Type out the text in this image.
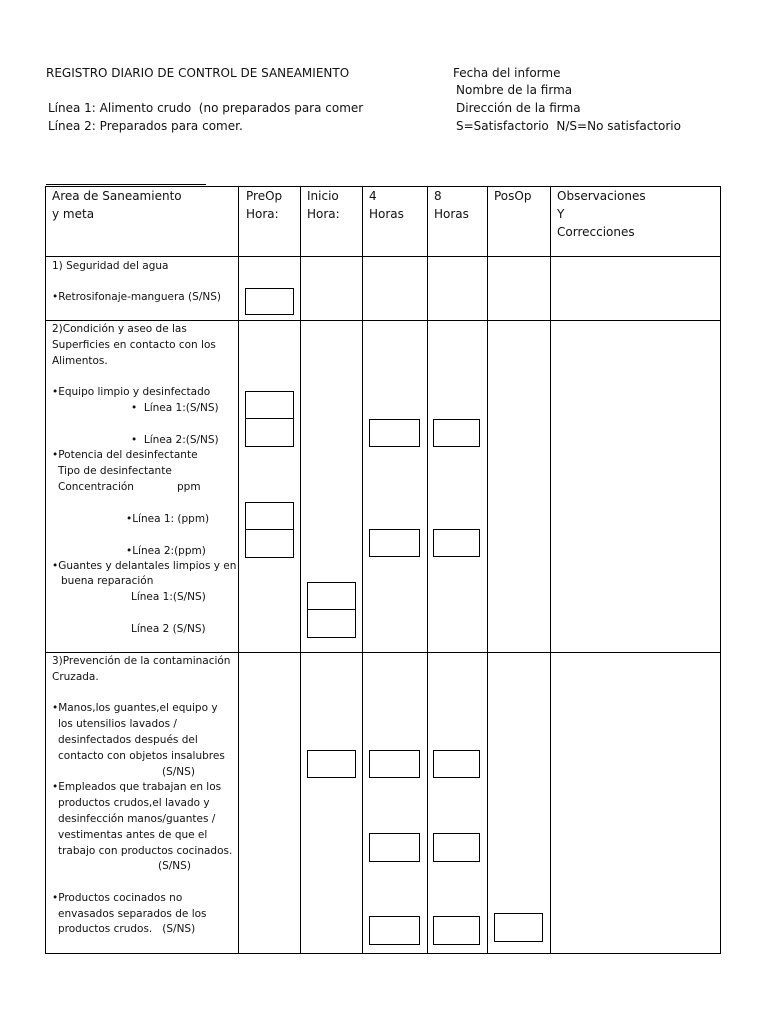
REGISTRO DIARIO DE CONTROL DE SANEAMIENTO
Línea 1: Alimento crudo  (no preparados para comer
Línea 2: Preparados para comer.
Fecha del informe
Nombre de la firma
Dirección de la firma
S=Satisfactorio  N/S=No satisfactorio
Area de Saneamiento
y meta
PreOp
Hora:
Inicio
Hora:
4
Horas
8
Horas
PosOp Observaciones
Y
Correcciones
1) Seguridad del agua
•Retrosifonaje-manguera (S/NS)
2)Condición y aseo de las
Superficies en contacto con los
Alimentos.
•Equipo limpio y desinfectado
•  Línea 1:(S/NS)
•  Línea 2:(S/NS)
•Potencia del desinfectante
Tipo de desinfectante
Concentración	ppm
•Línea 1: (ppm)
•Línea 2:(ppm)
•Guantes y delantales limpios y en
buena reparación
Línea 1:(S/NS)
Línea 2 (S/NS)
3)Prevención de la contaminación
Cruzada.
•Manos,los guantes,el equipo y
los utensilios lavados /
desinfectados después del
contacto con objetos insalubres
(S/NS)
•Empleados que trabajan en los
productos crudos,el lavado y
desinfección manos/guantes /
vestimentas antes de que el
trabajo con productos cocinados.
(S/NS)
•Productos cocinados no
envasados separados de los
productos crudos.   (S/NS)
